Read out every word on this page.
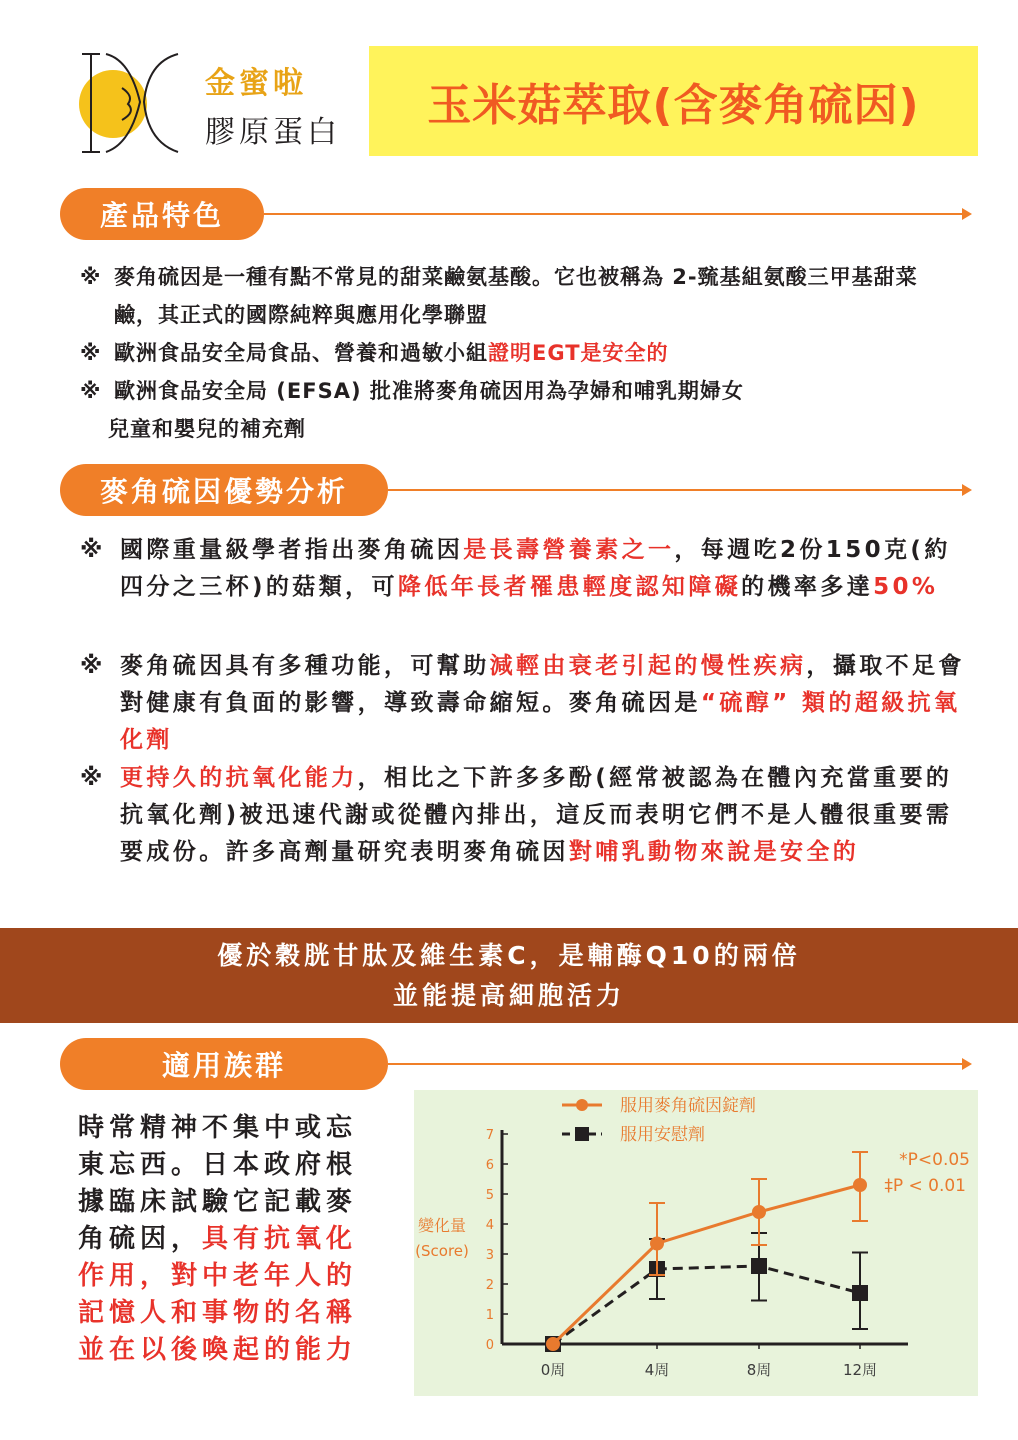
金蜜啦
膠原蛋白
玉米菇萃取(含麥角硫因)
產品特色
※ 麥角硫因是一種有點不常見的甜菜鹼氨基酸。它也被稱為 2-巰基組氨酸三甲基甜菜鹼，其正式的國際純粹與應用化學聯盟
※ 歐洲食品安全局食品、營養和過敏小組證明EGT是安全的
※ 歐洲食品安全局 (EFSA) 批准將麥角硫因用為孕婦和哺乳期婦女
兒童和嬰兒的補充劑
麥角硫因優勢分析
※ 國際重量級學者指出麥角硫因是長壽營養素之一，每週吃2份150克(約四分之三杯)的菇類，可降低年長者罹患輕度認知障礙的機率多達50%
※ 麥角硫因具有多種功能，可幫助減輕由衰老引起的慢性疾病，攝取不足會對健康有負面的影響，導致壽命縮短。麥角硫因是“硫醇” 類的超級抗氧化劑
※ 更持久的抗氧化能力，相比之下許多多酚(經常被認為在體內充當重要的抗氧化劑)被迅速代謝或從體內排出，這反而表明它們不是人體很重要需要成份。許多高劑量研究表明麥角硫因對哺乳動物來說是安全的
優於穀胱甘肽及維生素C，是輔酶Q10的兩倍
並能提高細胞活力
適用族群
時常精神不集中或忘東忘西。日本政府根據臨床試驗它記載麥角硫因，具有抗氧化作用，對中老年人的記憶人和事物的名稱並在以後喚起的能力	0
1
2
3
4
5
6
7
0周	4周	8周	12周
變化量
(Score)
服用麥角硫因錠劑
服用安慰劑
*P<0.05
‡P < 0.01
